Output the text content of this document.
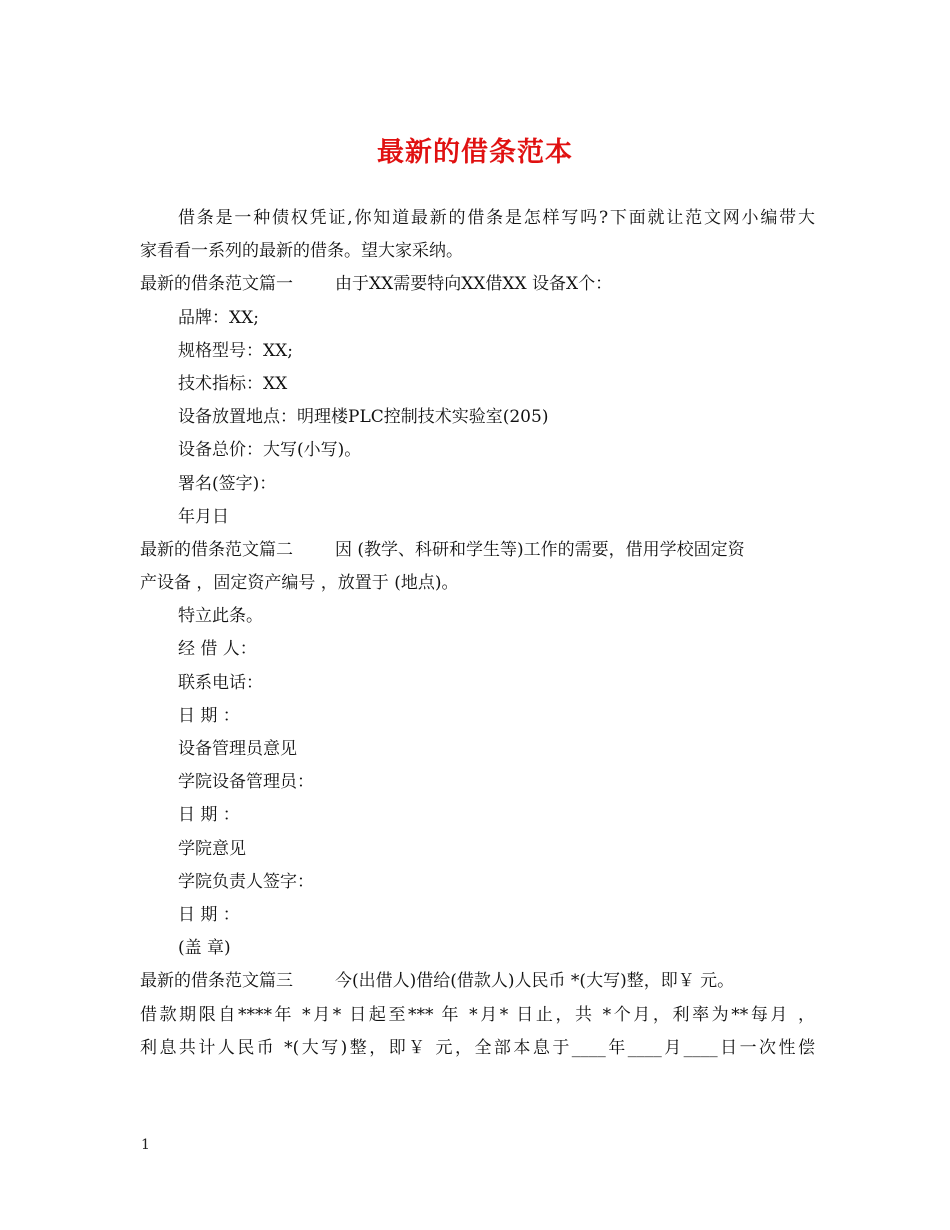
最新的借条范本
借条是一种债权凭证,你知道最新的借条是怎样写吗?下面就让范文网小编带大
家看看一系列的最新的借条。望大家采纳。
最新的借条范文篇一 由于XX需要特向XX借XX 设备X个：
品牌：XX;
规格型号：XX;
技术指标：XX
设备放置地点：明理楼PLC控制技术实验室(205)
设备总价：大写(小写)。
署名(签字)：
年月日
最新的借条范文篇二 因 (教学、科研和学生等)工作的需要，借用学校固定资
产设备 ，固定资产编号 ，放置于 (地点)。
特立此条。
经 借 人：
联系电话：
日 期 ：
设备管理员意见
学院设备管理员：
日 期 ：
学院意见
学院负责人签字：
日 期 ：
(盖 章)
最新的借条范文篇三 今(出借人)借给(借款人)人民币 *(大写)整，即￥ 元。
借款期限自****年 *月* 日起至*** 年 *月* 日止，共 *个月，利率为**每月 ，
利息共计人民币 *(大写)整，即￥ 元，全部本息于____年____月____日一次性偿
1
